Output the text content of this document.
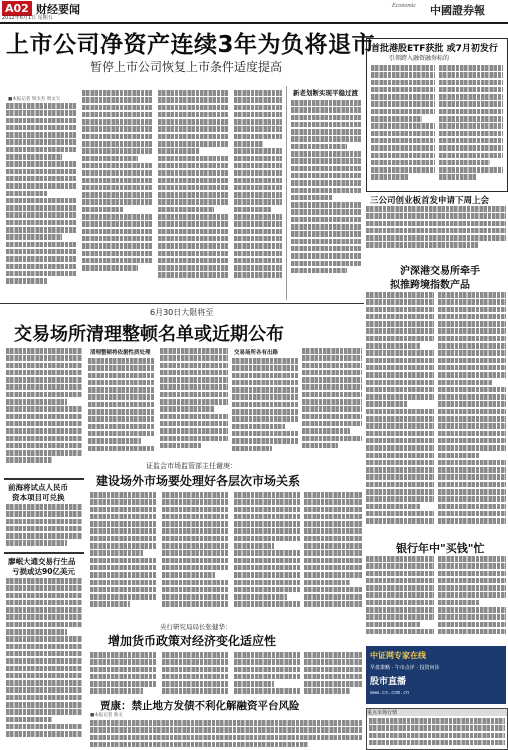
A02 财经要闻
2012年6月1日 星期五
Economic 中國證券報
上市公司净资产连续3年为负将退市
暂停上市公司恢复上市条件适度提高
■本报记者 周少杰 周文天
新老划断实现平稳过渡
首批港股ETF获批 或7月初发行
引领跨入融资融券标的
三公司创业板首发申请下周上会
沪深港交易所牵手
拟推跨境指数产品
6月30日大限将至
交易场所清理整顿名单或近期公布
清理整顿将依据性质处理	交易场所各有出路
前海将试点人民币
资本项目可兑换
廖岷大通交易行生品
亏损或达90亿美元
证监会市场监管部主任谢庚：
建设场外市场要处理好各层次市场关系
银行年中"买钱"忙
央行研究局局长张健华：
增加货币政策对经济变化适应性
贾康：禁止地方发债不利化解融资平台风险
■本报记者 商文
中证网专家在线
早盘策略 · 午市点评 · 投资问诊
股市直播
www.cs.com.cn
重点市场行情
